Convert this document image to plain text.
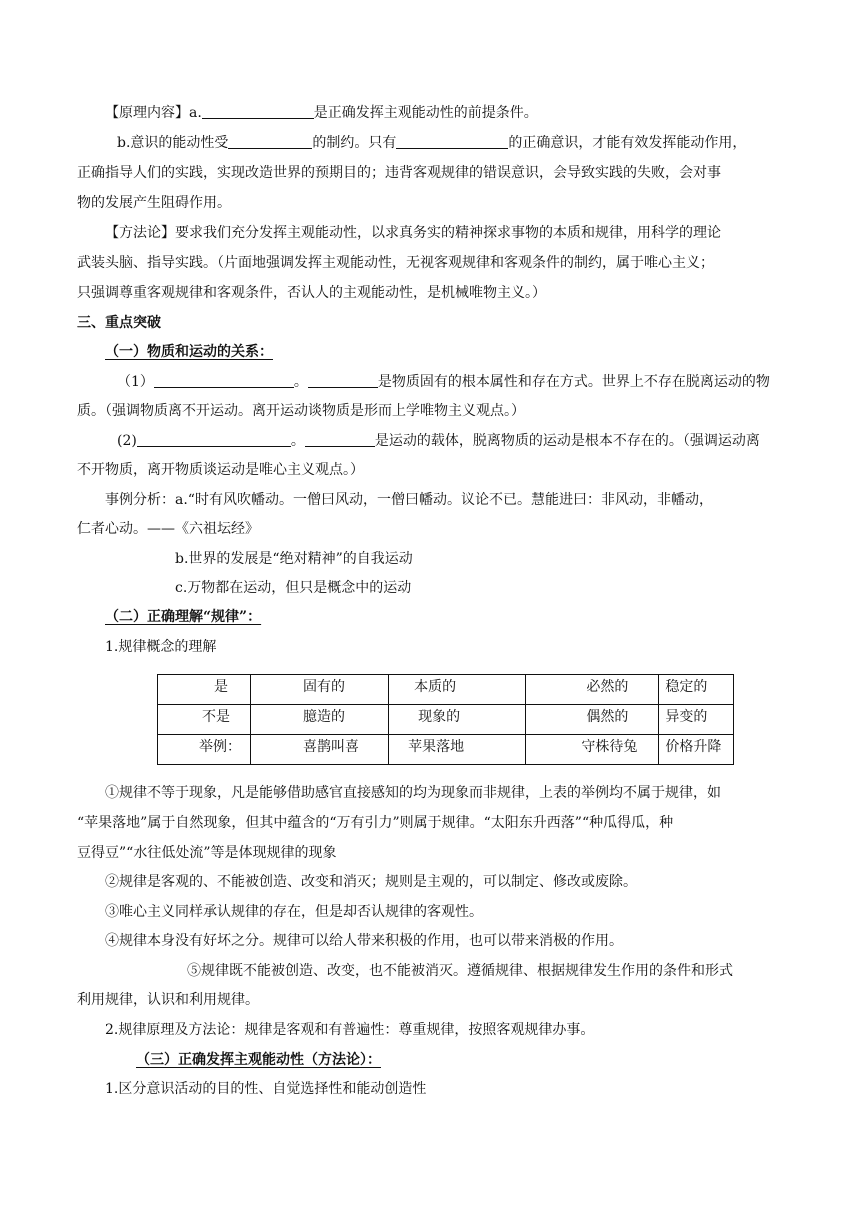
【原理内容】a.	是正确发挥主观能动性的前提条件。
b.意识的能动性受	的制约。只有	的正确意识，才能有效发挥能动作用，
正确指导人们的实践，实现改造世界的预期目的；违背客观规律的错误意识，会导致实践的失败，会对事
物的发展产生阻碍作用。
【方法论】要求我们充分发挥主观能动性，以求真务实的精神探求事物的本质和规律，用科学的理论
武装头脑、指导实践。（片面地强调发挥主观能动性，无视客观规律和客观条件的制约，属于唯心主义；
只强调尊重客观规律和客观条件，否认人的主观能动性，是机械唯物主义。）
三、重点突破
（一）物质和运动的关系：
（1）	。	是物质固有的根本属性和存在方式。世界上不存在脱离运动的物
质。（强调物质离不开运动。离开运动谈物质是形而上学唯物主义观点。）
(2)	。	是运动的载体，脱离物质的运动是根本不存在的。（强调运动离
不开物质，离开物质谈运动是唯心主义观点。）
事例分析：a.“时有风吹幡动。一僧曰风动，一僧曰幡动。议论不已。慧能进曰：非风动，非幡动，
仁者心动。——《六祖坛经》
b.世界的发展是“绝对精神”的自我运动
c.万物都在运动，但只是概念中的运动
（二）正确理解“规律”：
1.规律概念的理解
是	固有的	本质的	必然的	稳定的

不是	臆造的	现象的	偶然的	异变的

举例：	喜鹊叫喜	苹果落地	守株待兔	价格升降
①规律不等于现象，凡是能够借助感官直接感知的均为现象而非规律，上表的举例均不属于规律，如
“苹果落地”属于自然现象，但其中蕴含的“万有引力”则属于规律。“太阳东升西落”“种瓜得瓜，种
豆得豆”“水往低处流”等是体现规律的现象
②规律是客观的、不能被创造、改变和消灭；规则是主观的，可以制定、修改或废除。
③唯心主义同样承认规律的存在，但是却否认规律的客观性。
④规律本身没有好坏之分。规律可以给人带来积极的作用，也可以带来消极的作用。
⑤规律既不能被创造、改变，也不能被消灭。遵循规律、根据规律发生作用的条件和形式
利用规律，认识和利用规律。
2.规律原理及方法论：规律是客观和有普遍性：尊重规律，按照客观规律办事。
（三）正确发挥主观能动性（方法论）：
1.区分意识活动的目的性、自觉选择性和能动创造性
